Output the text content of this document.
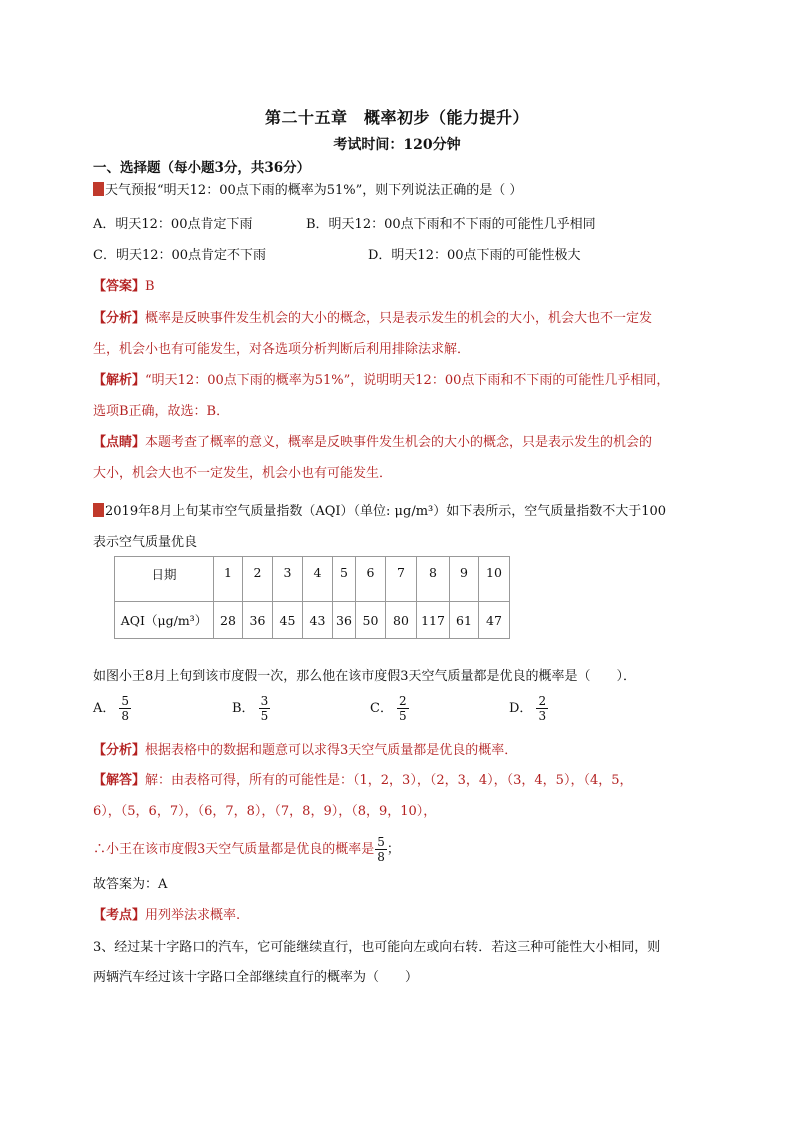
第二十五章　概率初步（能力提升）
考试时间：120分钟
一、选择题（每小题3分，共36分）
天气预报“明天12：00点下雨的概率为51%”，则下列说法正确的是（ ）
A．明天12：00点肯定下雨	B．明天12：00点下雨和不下雨的可能性几乎相同
C．明天12：00点肯定不下雨	D．明天12：00点下雨的可能性极大
【答案】B
【分析】概率是反映事件发生机会的大小的概念，只是表示发生的机会的大小，机会大也不一定发
生，机会小也有可能发生，对各选项分析判断后利用排除法求解．
【解析】“明天12：00点下雨的概率为51%”，说明明天12：00点下雨和不下雨的可能性几乎相同，
选项B正确，故选：B．
【点睛】本题考查了概率的意义，概率是反映事件发生机会的大小的概念，只是表示发生的机会的
大小，机会大也不一定发生，机会小也有可能发生．
2019年8月上旬某市空气质量指数（AQI）（单位: μg/m³）如下表所示，空气质量指数不大于100
表示空气质量优良
日期	1	2	3	4	5	6	7	8	9	10
AQI（μg/m³）	28	36	45	43	36	50	80	117	61	47
如图小王8月上旬到该市度假一次，那么他在该市度假3天空气质量都是优良的概率是（　　）．
A． $\frac{5}{8}$	B． $\frac{3}{5}$	C． $\frac{2}{5}$	D． $\frac{2}{3}$
【分析】根据表格中的数据和题意可以求得3天空气质量都是优良的概率．
【解答】解：由表格可得，所有的可能性是：（1，2，3），（2，3，4），（3，4，5），（4，5，
6），（5，6，7），（6，7，8），（7，8，9），（8，9，10），
∴小王在该市度假3天空气质量都是优良的概率是 $\frac{5}{8}$ ；
故答案为：A
【考点】用列举法求概率.
3、经过某十字路口的汽车，它可能继续直行，也可能向左或向右转．若这三种可能性大小相同，则
两辆汽车经过该十字路口全部继续直行的概率为（　　）
